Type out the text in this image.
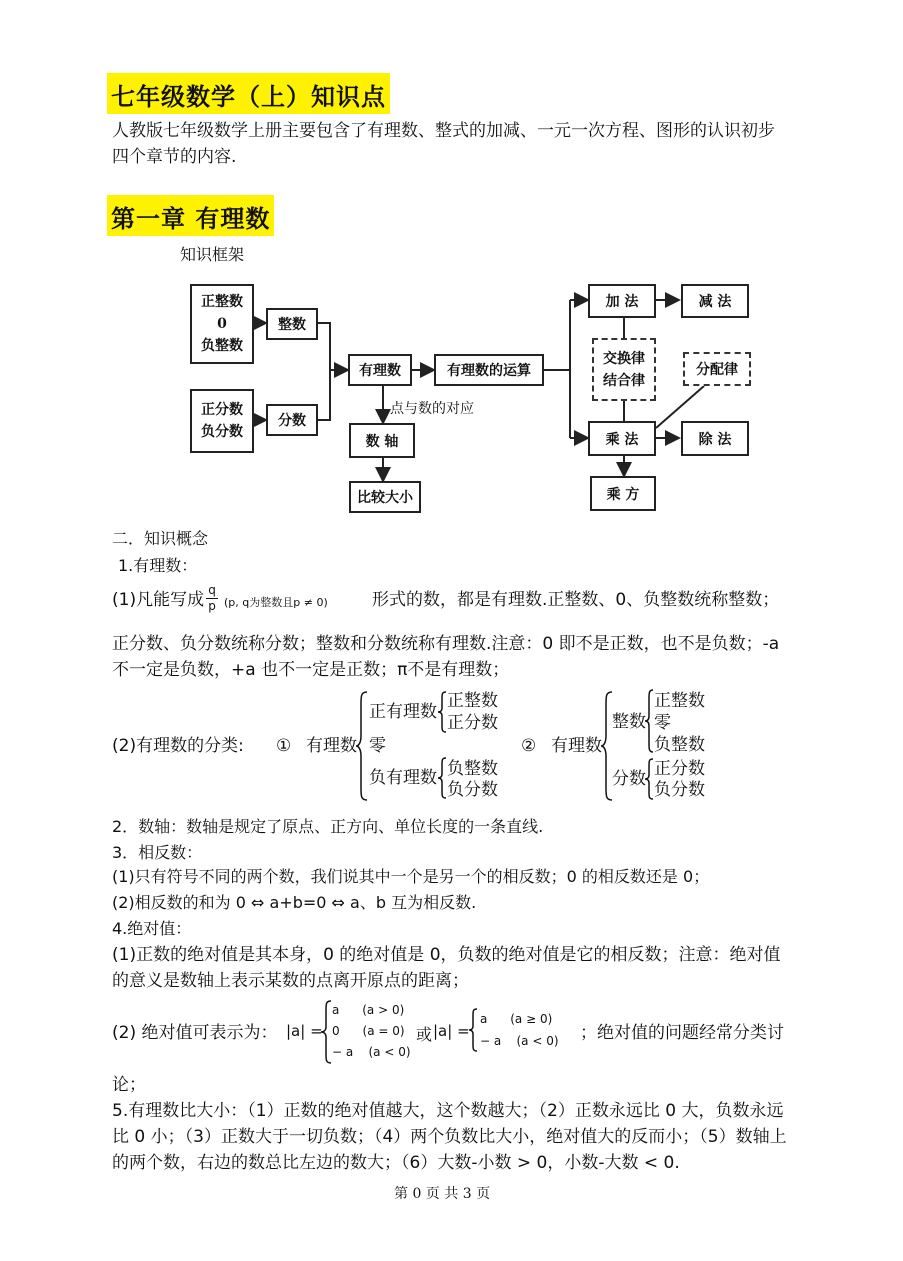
七年级数学（上）知识点
人教版七年级数学上册主要包含了有理数、整式的加减、一元一次方程、图形的认识初步
四个章节的内容.
第一章 有理数
知识框架
正整数
0
负整数
整数
正分数
负分数
分数
有理数	有理数的运算
点与数的对应
数 轴
比较大小
加 法	减 法
交换律
结合律
分配律
乘 法	除 法
乘 方
二．知识概念
1.有理数：
(1)凡能写成 $\frac{q}{p} (p$, q为整数且p ≠ 0)	形式的数，都是有理数.正整数、0、负整数统称整数；
正分数、负分数统称分数；整数和分数统称有理数.注意：0 即不是正数，也不是负数；-a
不一定是负数，+a 也不一定是正数；π不是有理数；
(2)有理数的分类: ① 有理数
正有理数
正整数
正分数
零
负有理数 负整数
负分数
② 有理数
整数
正整数
零
负整数
分数 正分数
负分数
2．数轴：数轴是规定了原点、正方向、单位长度的一条直线.
3．相反数：
(1)只有符号不同的两个数，我们说其中一个是另一个的相反数；0 的相反数还是 0；
(2)相反数的和为 0 ⇔ a+b=0 ⇔ a、b 互为相反数.
4.绝对值：
(1)正数的绝对值是其本身，0 的绝对值是 0，负数的绝对值是它的相反数；注意：绝对值
的意义是数轴上表示某数的点离开原点的距离；
(2) 绝对值可表示为： |a| =
a      (a > 0)
0      (a = 0)
− a    (a < 0)
或 |a| =
a      (a ≥ 0)
− a    (a < 0) ；绝对值的问题经常分类讨
论；
5.有理数比大小：（1）正数的绝对值越大，这个数越大；（2）正数永远比 0 大，负数永远
比 0 小；（3）正数大于一切负数；（4）两个负数比大小，绝对值大的反而小；（5）数轴上
的两个数，右边的数总比左边的数大；（6）大数-小数 > 0，小数-大数 < 0.
第 0 页 共 3 页
